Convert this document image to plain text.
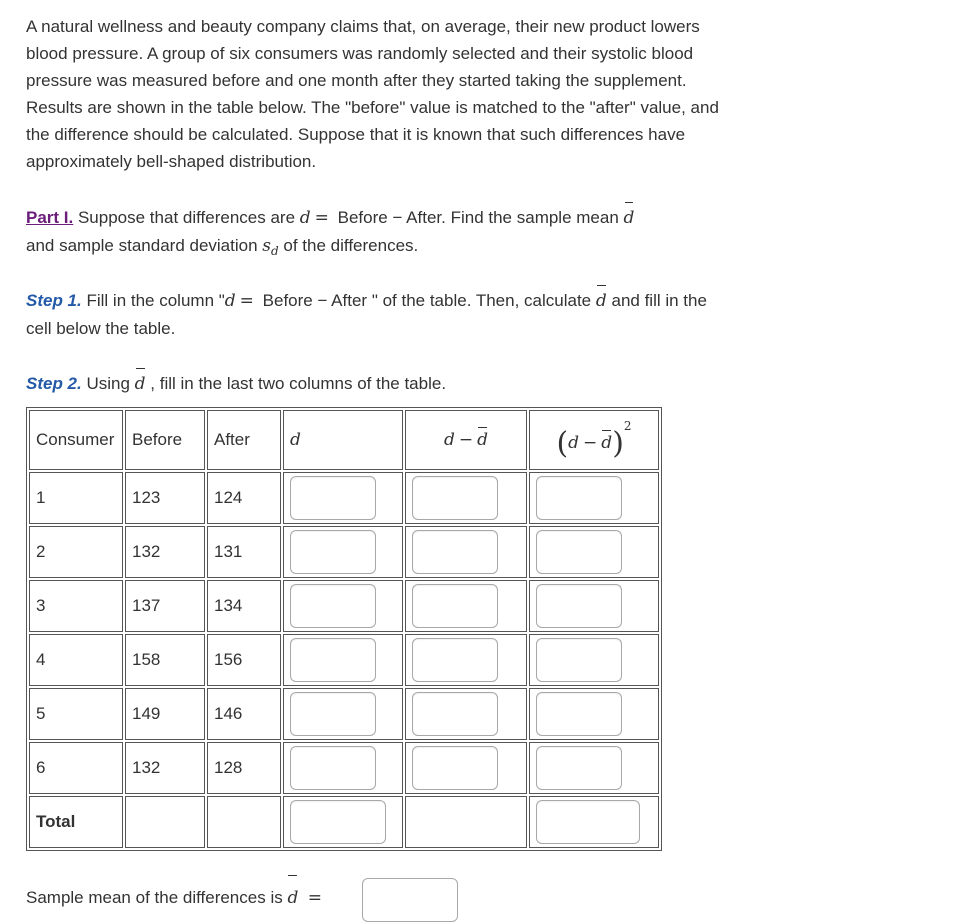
A natural wellness and beauty company claims that, on average, their new product lowers blood pressure. A group of six consumers was randomly selected and their systolic blood pressure was measured before and one month after they started taking the supplement. Results are shown in the table below. The "before" value is matched to the "after" value, and the difference should be calculated. Suppose that it is known that such differences have approximately bell-shaped distribution.

Part I. Suppose that differences are d = Before − After. Find the sample mean d
and sample standard deviation $s_d$ of the differences.

Step 1. Fill in the column "d = Before − After " of the table. Then, calculate d and fill in the cell below the table.

Step 2. Using d , fill in the last two columns of the table.

Consumer	Before	After	d	d − d	$(d - d)^2$
1	123	124	

2	132	131	

3	137	134	

4	158	156	

5	149	146	

6	132	128	

Total			

Sample mean of the differences is d =
